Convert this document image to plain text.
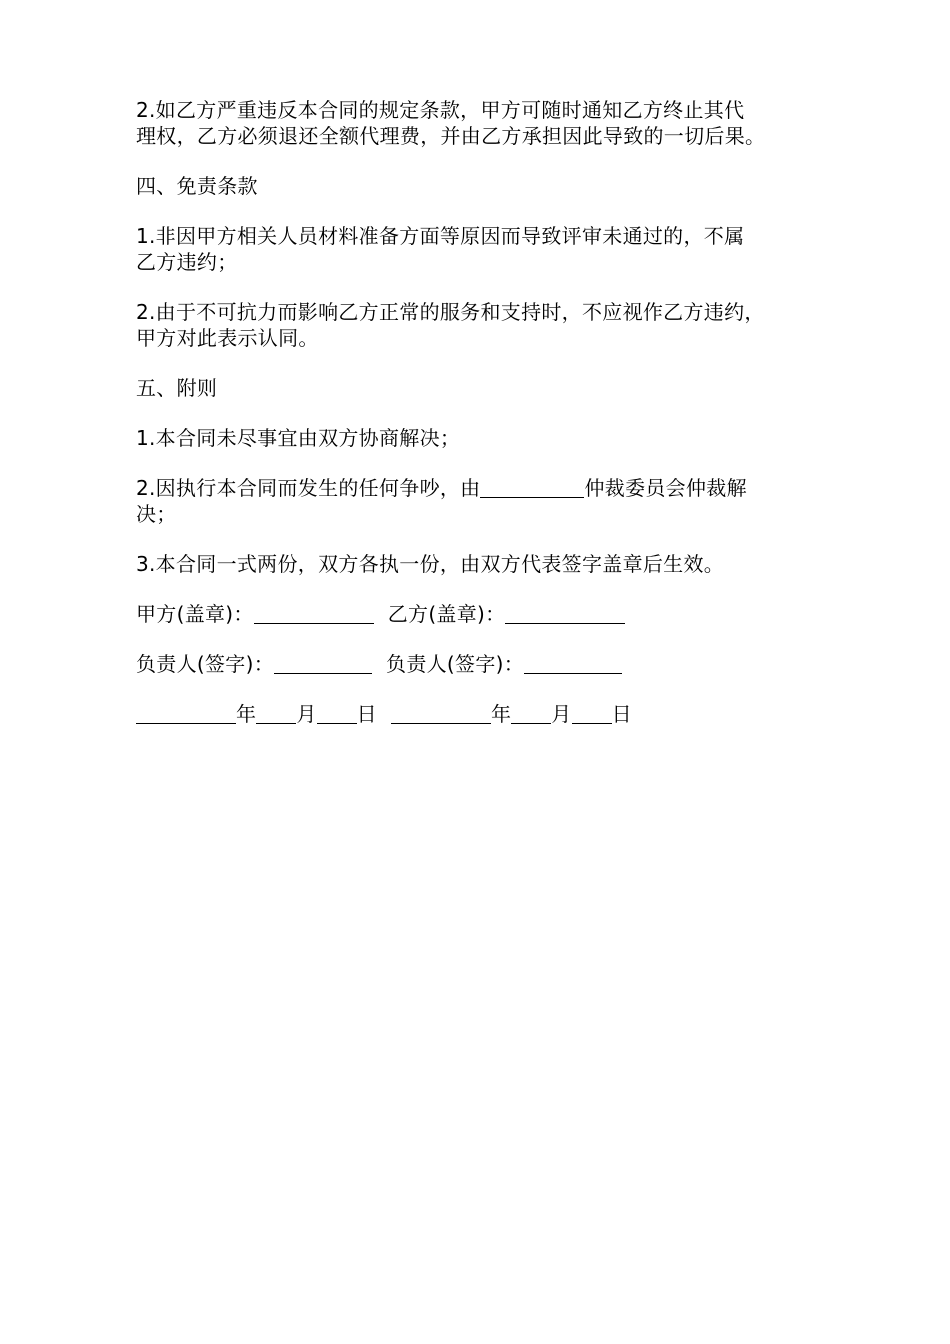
2.如乙方严重违反本合同的规定条款，甲方可随时通知乙方终止其代
理权，乙方必须退还全额代理费，并由乙方承担因此导致的一切后果。
四、免责条款
1.非因甲方相关人员材料准备方面等原因而导致评审未通过的，不属
乙方违约；
2.由于不可抗力而影响乙方正常的服务和支持时，不应视作乙方违约，
甲方对此表示认同。
五、附则
1.本合同未尽事宜由双方协商解决；
2.因执行本合同而发生的任何争吵，由	仲裁委员会仲裁解
决；
3.本合同一式两份，双方各执一份，由双方代表签字盖章后生效。
甲方(盖章)：	乙方(盖章)：
负责人(签字)：	负责人(签字)：
年 月 日	年 月 日
